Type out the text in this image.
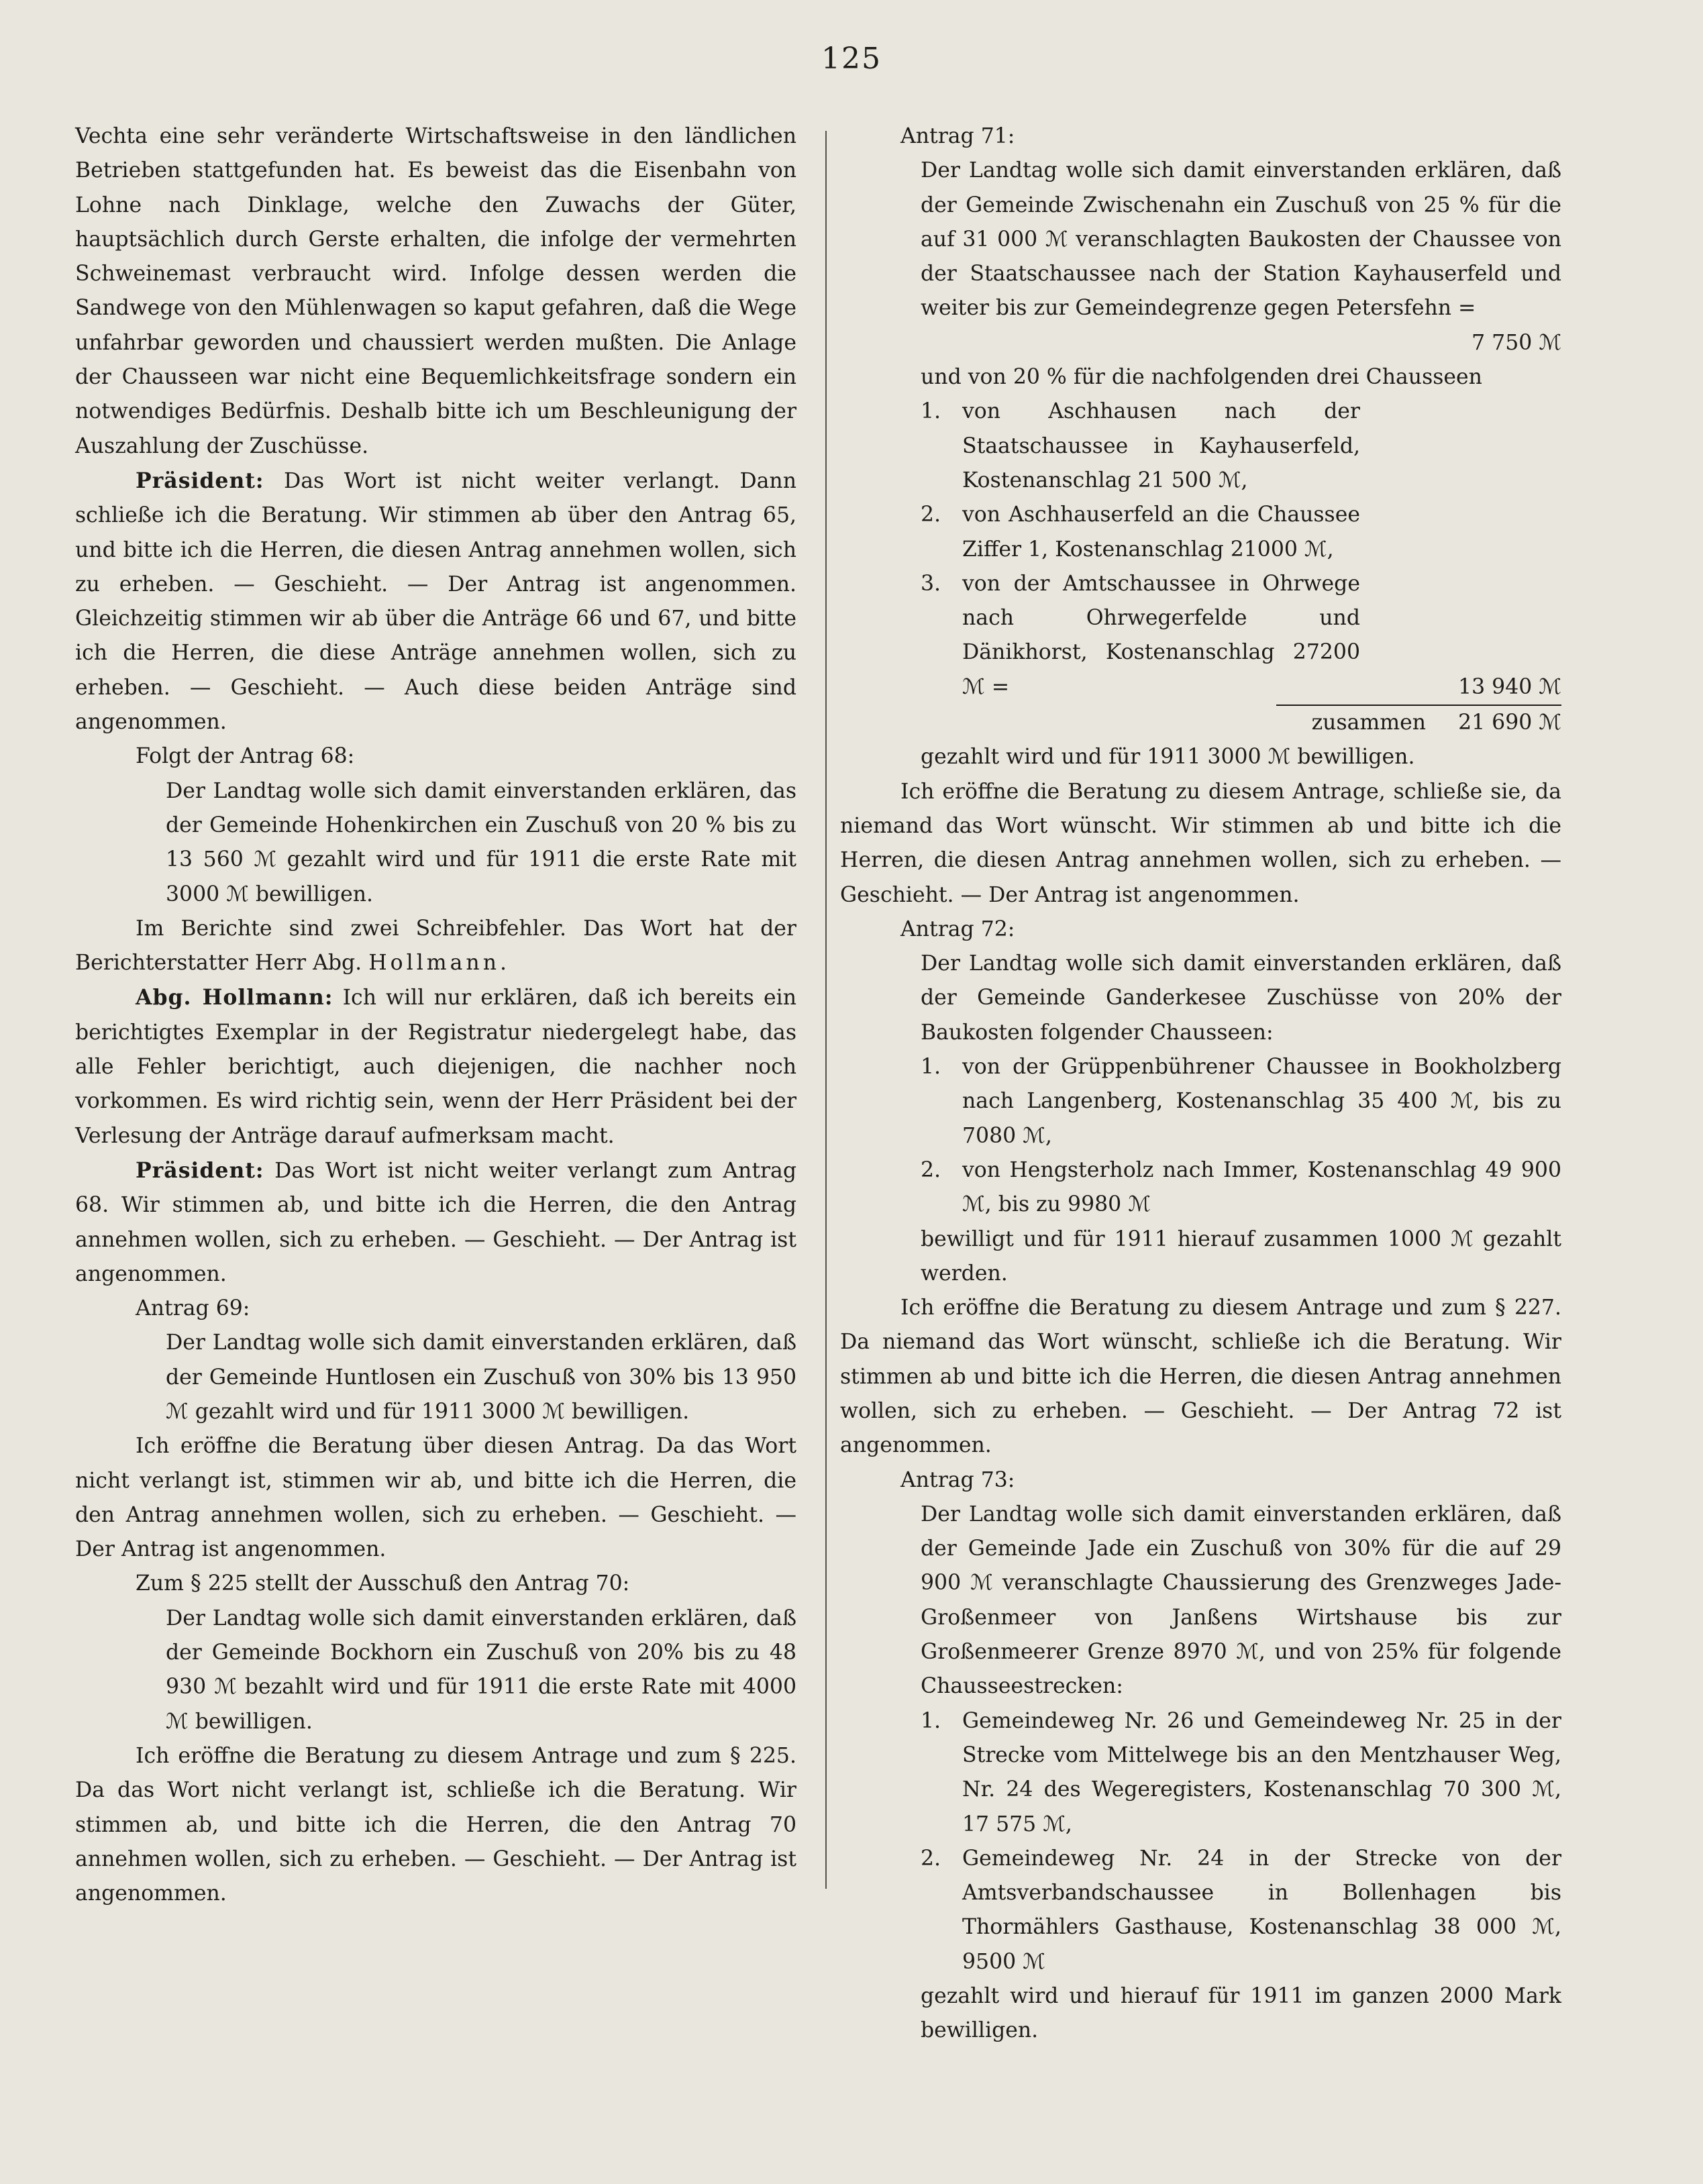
125

Vechta eine sehr veränderte Wirtschaftsweise in den ländlichen Betrieben stattgefunden hat. Es beweist das die Eisenbahn von Lohne nach Dinklage, welche den Zuwachs der Güter, hauptsächlich durch Gerste erhalten, die infolge der vermehrten Schweinemast verbraucht wird. Infolge dessen werden die Sandwege von den Mühlenwagen so kaput gefahren, daß die Wege unfahrbar geworden und chaussiert werden mußten. Die Anlage der Chausseen war nicht eine Bequemlichkeitsfrage sondern ein notwendiges Bedürfnis. Deshalb bitte ich um Beschleunigung der Auszahlung der Zuschüsse.

Präsident: Das Wort ist nicht weiter verlangt. Dann schließe ich die Beratung. Wir stimmen ab über den Antrag 65, und bitte ich die Herren, die diesen Antrag annehmen wollen, sich zu erheben. — Geschieht. — Der Antrag ist angenommen. Gleichzeitig stimmen wir ab über die Anträge 66 und 67, und bitte ich die Herren, die diese Anträge annehmen wollen, sich zu erheben. — Geschieht. — Auch diese beiden Anträge sind angenommen.

Folgt der Antrag 68:

Der Landtag wolle sich damit einverstanden erklären, das der Gemeinde Hohenkirchen ein Zuschuß von 20 % bis zu 13 560 ℳ gezahlt wird und für 1911 die erste Rate mit 3000 ℳ bewilligen.

Im Berichte sind zwei Schreibfehler. Das Wort hat der Berichterstatter Herr Abg. Hollmann.

Abg. Hollmann: Ich will nur erklären, daß ich bereits ein berichtigtes Exemplar in der Registratur niedergelegt habe, das alle Fehler berichtigt, auch diejenigen, die nachher noch vorkommen. Es wird richtig sein, wenn der Herr Präsident bei der Verlesung der Anträge darauf aufmerksam macht.

Präsident: Das Wort ist nicht weiter verlangt zum Antrag 68. Wir stimmen ab, und bitte ich die Herren, die den Antrag annehmen wollen, sich zu erheben. — Geschieht. — Der Antrag ist angenommen.

Antrag 69:

Der Landtag wolle sich damit einverstanden erklären, daß der Gemeinde Huntlosen ein Zuschuß von 30% bis 13 950 ℳ gezahlt wird und für 1911 3000 ℳ bewilligen.

Ich eröffne die Beratung über diesen Antrag. Da das Wort nicht verlangt ist, stimmen wir ab, und bitte ich die Herren, die den Antrag annehmen wollen, sich zu erheben. — Geschieht. — Der Antrag ist angenommen.

Zum § 225 stellt der Ausschuß den Antrag 70:

Der Landtag wolle sich damit einverstanden erklären, daß der Gemeinde Bockhorn ein Zuschuß von 20% bis zu 48 930 ℳ bezahlt wird und für 1911 die erste Rate mit 4000 ℳ bewilligen.

Ich eröffne die Beratung zu diesem Antrage und zum § 225. Da das Wort nicht verlangt ist, schließe ich die Beratung. Wir stimmen ab, und bitte ich die Herren, die den Antrag 70 annehmen wollen, sich zu erheben. — Geschieht. — Der Antrag ist angenommen.

Antrag 71:

Der Landtag wolle sich damit einverstanden erklären, daß der Gemeinde Zwischenahn ein Zuschuß von 25 % für die auf 31 000 ℳ veranschlagten Baukosten der Chaussee von der Staatschaussee nach der Station Kayhauserfeld und weiter bis zur Gemeindegrenze gegen Petersfehn =

7 750 ℳ

und von 20 % für die nachfolgenden drei Chausseen

1.	von Aschhausen nach der Staatschaussee in Kayhauserfeld, Kostenanschlag 21 500 ℳ,
2.	von Aschhauserfeld an die Chaussee Ziffer 1, Kostenanschlag 21000 ℳ,
3.	von der Amtschaussee in Ohrwege nach Ohrwegerfelde und Dänikhorst, Kostenanschlag 27200 ℳ =	13 940 ℳ
zusammen 21 690 ℳ

gezahlt wird und für 1911 3000 ℳ bewilligen.

Ich eröffne die Beratung zu diesem Antrage, schließe sie, da niemand das Wort wünscht. Wir stimmen ab und bitte ich die Herren, die diesen Antrag annehmen wollen, sich zu erheben. — Geschieht. — Der Antrag ist angenommen.

Antrag 72:

Der Landtag wolle sich damit einverstanden erklären, daß der Gemeinde Ganderkesee Zuschüsse von 20% der Baukosten folgender Chausseen:

1.	von der Grüppenbührener Chaussee in Bookholzberg nach Langenberg, Kostenanschlag 35 400 ℳ, bis zu 7080 ℳ,
2.	von Hengsterholz nach Immer, Kostenanschlag 49 900 ℳ, bis zu 9980 ℳ

bewilligt und für 1911 hierauf zusammen 1000 ℳ gezahlt werden.

Ich eröffne die Beratung zu diesem Antrage und zum § 227. Da niemand das Wort wünscht, schließe ich die Beratung. Wir stimmen ab und bitte ich die Herren, die diesen Antrag annehmen wollen, sich zu erheben. — Geschieht. — Der Antrag 72 ist angenommen.

Antrag 73:

Der Landtag wolle sich damit einverstanden erklären, daß der Gemeinde Jade ein Zuschuß von 30% für die auf 29 900 ℳ veranschlagte Chaussierung des Grenzweges Jade-Großenmeer von Janßens Wirtshause bis zur Großenmeerer Grenze 8970 ℳ, und von 25% für folgende Chausseestrecken:

1.	Gemeindeweg Nr. 26 und Gemeindeweg Nr. 25 in der Strecke vom Mittelwege bis an den Mentzhauser Weg, Nr. 24 des Wegeregisters, Kostenanschlag 70 300 ℳ, 17 575 ℳ,
2.	Gemeindeweg Nr. 24 in der Strecke von der Amtsverbandschaussee in Bollenhagen bis Thormählers Gasthause, Kostenanschlag 38 000 ℳ, 9500 ℳ

gezahlt wird und hierauf für 1911 im ganzen 2000 Mark bewilligen.
